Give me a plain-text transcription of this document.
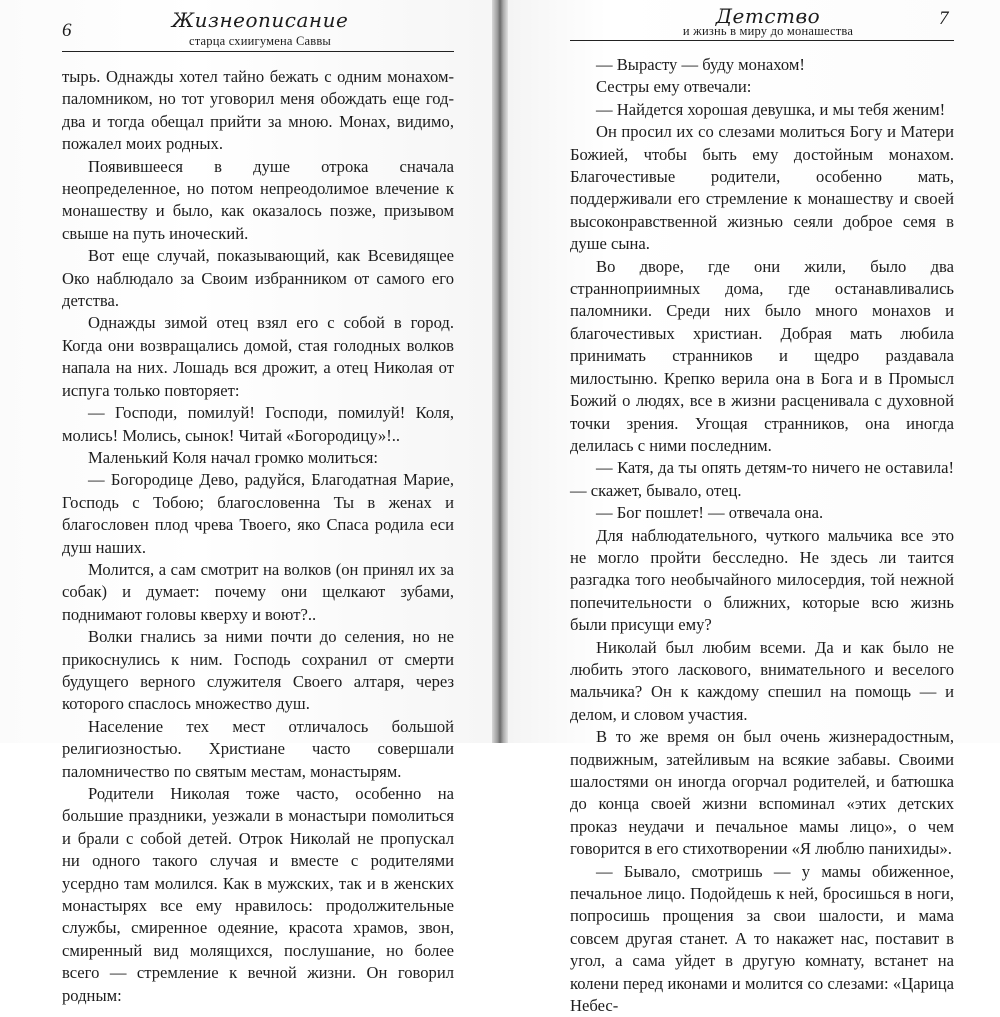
6	Жизнеописание
старца схиигумена Саввы

тырь. Однажды хотел тайно бежать с одним монахом-паломником, но тот уговорил меня обождать еще год-два и тогда обещал прийти за мною. Монах, видимо, пожалел моих родных.

Появившееся в душе отрока сначала неопределенное, но потом непреодолимое влечение к монашеству и было, как оказалось позже, призывом свыше на путь иноческий.

Вот еще случай, показывающий, как Всевидящее Око наблюдало за Своим избранником от самого его детства.

Однажды зимой отец взял его с собой в город. Когда они возвращались домой, стая голодных волков напала на них. Лошадь вся дрожит, а отец Николая от испуга только повторяет:

— Господи, помилуй! Господи, помилуй! Коля, молись! Молись, сынок! Читай «Богородицу»!..

Маленький Коля начал громко молиться:

— Богородице Дево, радуйся, Благодатная Марие, Господь с Тобою; благословенна Ты в женах и благословен плод чрева Твоего, яко Спаса родила еси душ наших.

Молится, а сам смотрит на волков (он принял их за собак) и думает: почему они щелкают зубами, поднимают головы кверху и воют?..

Волки гнались за ними почти до селения, но не прикоснулись к ним. Господь сохранил от смерти будущего верного служителя Своего алтаря, через которого спаслось множество душ.

Население тех мест отличалось большой религиозностью. Христиане часто совершали паломничество по святым местам, монастырям.

Родители Николая тоже часто, особенно на большие праздники, уезжали в монастыри помолиться и брали с собой детей. Отрок Николай не пропускал ни одного такого случая и вместе с родителями усердно там молился. Как в мужских, так и в женских монастырях все ему нравилось: продолжительные службы, смиренное одеяние, красота храмов, звон, смиренный вид молящихся, послушание, но более всего — стремление к вечной жизни. Он говорил родным:

Детство
и жизнь в миру до монашества
7

— Вырасту — буду монахом!

Сестры ему отвечали:

— Найдется хорошая девушка, и мы тебя женим!

Он просил их со слезами молиться Богу и Матери Божией, чтобы быть ему достойным монахом. Благочестивые родители, особенно мать, поддерживали его стремление к монашеству и своей высоконравственной жизнью сеяли доброе семя в душе сына.

Во дворе, где они жили, было два странноприимных дома, где останавливались паломники. Среди них было много монахов и благочестивых христиан. Добрая мать любила принимать странников и щедро раздавала милостыню. Крепко верила она в Бога и в Промысл Божий о людях, все в жизни расценивала с духовной точки зрения. Угощая странников, она иногда делилась с ними последним.

— Катя, да ты опять детям-то ничего не оставила! — скажет, бывало, отец.

— Бог пошлет! — отвечала она.

Для наблюдательного, чуткого мальчика все это не могло пройти бесследно. Не здесь ли таится разгадка того необычайного милосердия, той нежной попечительности о ближних, которые всю жизнь были присущи ему?

Николай был любим всеми. Да и как было не любить этого ласкового, внимательного и веселого мальчика? Он к каждому спешил на помощь — и делом, и словом участия.

В то же время он был очень жизнерадостным, подвижным, затейливым на всякие забавы. Своими шалостями он иногда огорчал родителей, и батюшка до конца своей жизни вспоминал «этих детских проказ неудачи и печальное мамы лицо», о чем говорится в его стихотворении «Я люблю панихиды».

— Бывало, смотришь — у мамы обиженное, печальное лицо. Подойдешь к ней, бросишься в ноги, попросишь прощения за свои шалости, и мама совсем другая станет. А то накажет нас, поставит в угол, а сама уйдет в другую комнату, встанет на колени перед иконами и молится со слезами: «Царица Небес-
